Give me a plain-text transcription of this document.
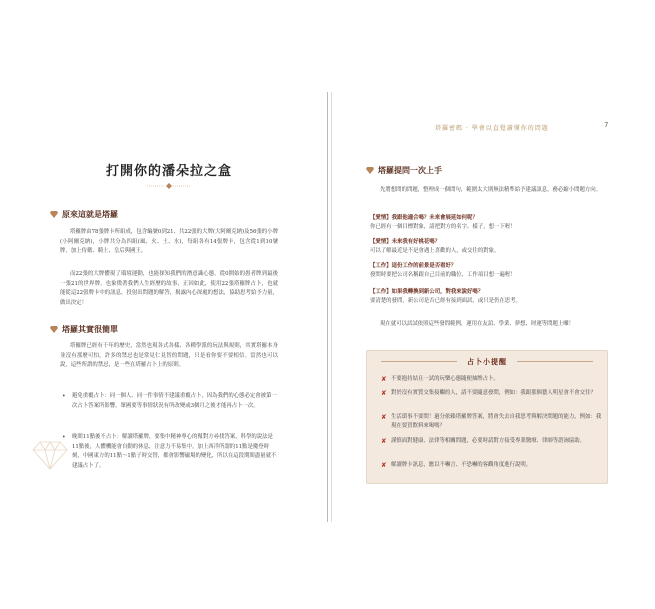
打開你的潘朵拉之盒
原來這就是塔羅

塔羅牌由78張牌卡所組成，包含編號0到21、共22張的大牌(大阿爾克納)及56張的小牌(小阿爾克納)，小牌共分為四組(風、火、土、水)，每組各有14張牌卡，包含從1到10號牌，加上侍衛、騎士、皇后與國王。

而22張的大牌體現了環境運動，也能探知我們的潛意識心態，從0開始的愚者牌到最後一張21的世界牌，也象徵著我們人生經歷的故事，正因如此，使用22張塔羅牌占卜，也就能從這22張牌卡中的訊息，投射出問題的解答，揭露內心深處的想法，協助思考給予力量，做出決定！

塔羅其實很簡單

塔羅牌已經有千年的歷史，當然也現各式各樣、各種學派的玩法與規則，其實塔羅本身並沒有那麼可怕，許多的禁忌也是常見仁見智的問題，只是看你要不要相信。當然也可以說，這些所謂的禁忌，是一些在塔羅占卜上的原則。

• 避免重覆占卜：同一個人、同一件事情不建議重覆占卜，因為我們的心態必定會被第一次占卜答案所影響，眾國要等事情狀況有所改變或3個月之後才能再占卜一次。

• 晚間11點後不占卜：解讀塔羅牌，要集中精神專心的幫對方尋找答案，科學的說法是11點後，人體機能會自動的休息，注意力不易集中，加上西洋所謂的11點是魔登時刻，中國東方的11點～1點子時交替，都會影響磁場的變化，所以在這段期間盡量就不建議占卜了。

塔羅密碼 · 學會以直覺讀懂你的問題	7
塔羅提問一次上手

先將想問的問題，整理成一個問句，範圍太大則無法精準給予建議訊息，務必縮小問題方向。

【愛情】我跟他適合嗎？未來會展延如何呢？
你已經有一個目標對象，請把對方的名字、樣子，想一下喔！
【愛情】未來我有好桃花嗎？
可以了解最近是不是會遇上喜歡的人，或交往的對象。
【工作】這份工作的前景是否看好？
發問時要把公司名稱跟自己目前的職位、工作項目想一遍喔！
【工作】如果我轉換到新公司，對我來說好嗎？
要清楚的發問，新公司是否已經有接到面試，或只是仍在思考。

現在就可以試試依照這些發問範例，運用在友誼、學業、夢想、財運等問題上囉！

占卜小提醒

✘ 不要抱持姑且一試的玩樂心態隨便抽牌占卜。

✘ 對於沒有實質交集接觸的人，請不要隨意發問，例如：我跟那個藝人明星會不會交往？

✘ 生活瑣事不要問！過分依賴塔羅牌答案，將會失去自我思考與解決問題的能力，例如：我現在要買飲料來喝嗎？

✘ 謹慎面對健康、法律等相關問題，必要時請對方接受專業醫療、律師等諮詢協助。

✘ 解讀牌卡訊息，應以不嚇言、不恐嚇的客觀角度進行說明。
